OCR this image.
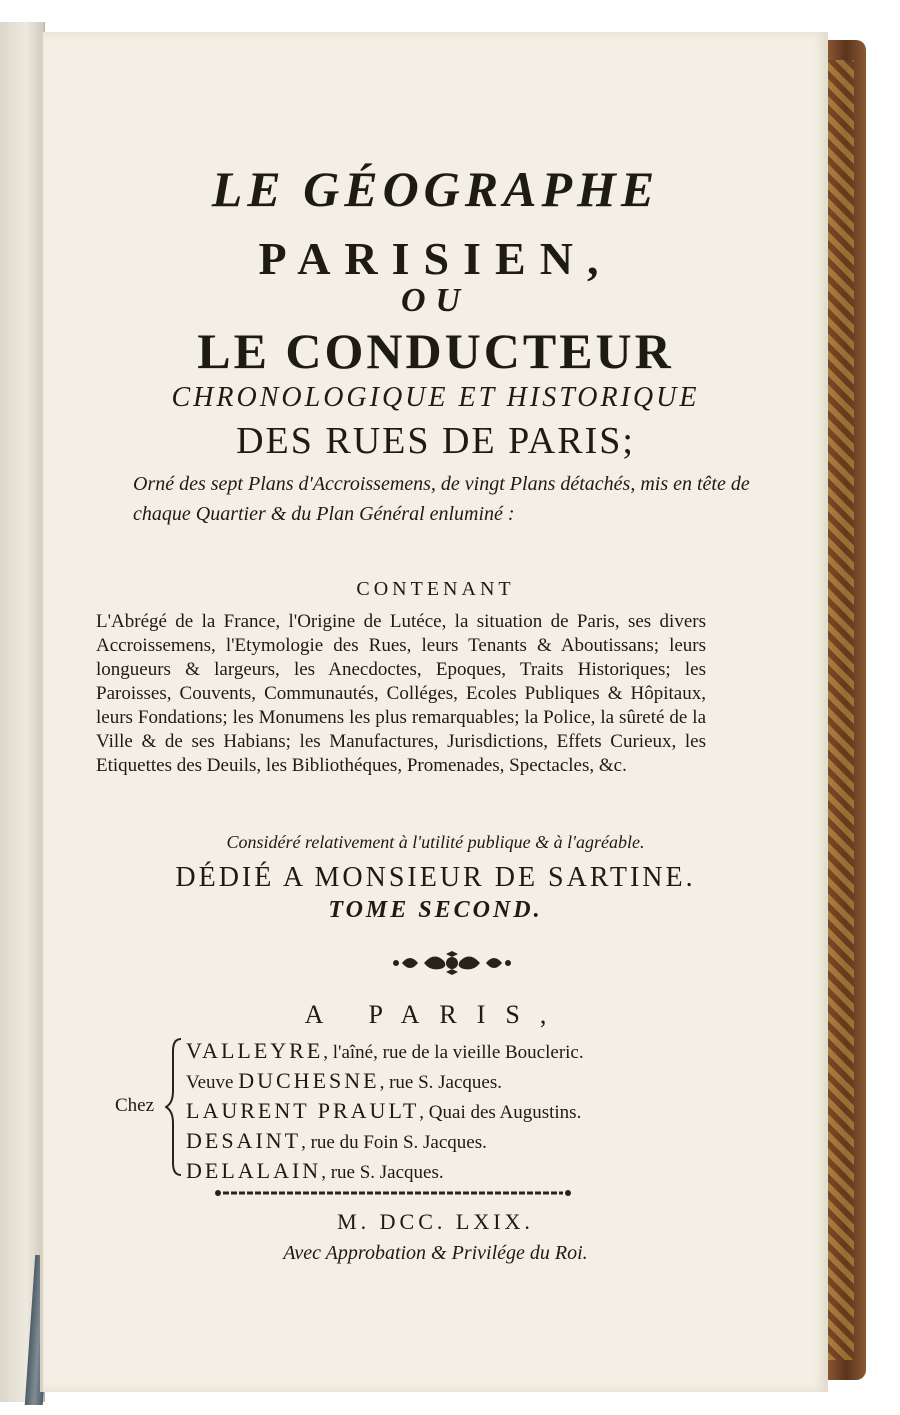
LE GÉOGRAPHE
PARISIEN,
OU
LE CONDUCTEUR
CHRONOLOGIQUE ET HISTORIQUE
DES RUES DE PARIS;
Orné des sept Plans d'Accroissemens, de vingt Plans détachés, mis en tête de chaque Quartier & du Plan Général enluminé :
CONTENANT
L'Abrégé de la France, l'Origine de Lutéce, la situation de Paris, ses divers Accroissemens, l'Etymologie des Rues, leurs Tenants & Aboutissans; leurs longueurs & largeurs, les Anecdoctes, Epoques, Traits Historiques; les Paroisses, Couvents, Communautés, Colléges, Ecoles Publiques & Hôpitaux, leurs Fondations; les Monumens les plus remarquables; la Police, la sûreté de la Ville & de ses Habians; les Manufactures, Jurisdictions, Effets Curieux, les Etiquettes des Deuils, les Bibliothéques, Promenades, Spectacles, &c.
Considéré relativement à l'utilité publique & à l'agréable.
DÉDIÉ A MONSIEUR DE SARTINE.
TOME SECOND.
A PARIS,
Chez
VALLEYRE, l'aîné, rue de la vieille Boucleric.
Veuve DUCHESNE, rue S. Jacques.
LAURENT PRAULT, Quai des Augustins.
DESAINT, rue du Foin S. Jacques.
DELALAIN, rue S. Jacques.
M. DCC. LXIX.
Avec Approbation & Privilége du Roi.
